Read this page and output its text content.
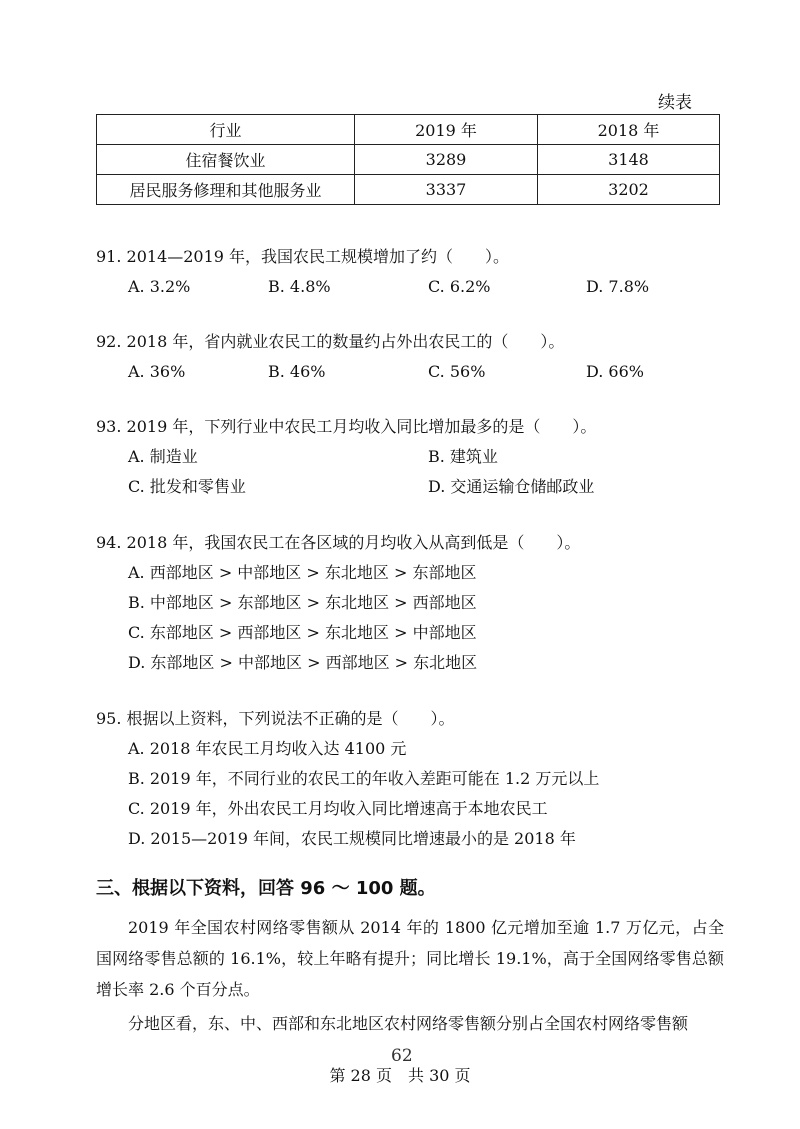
续表
行业	2019 年	2018 年
住宿餐饮业	3289	3148
居民服务修理和其他服务业	3337	3202
91. 2014—2019 年，我国农民工规模增加了约（　　）。
A. 3.2%	B. 4.8%	C. 6.2%	D. 7.8%
92. 2018 年，省内就业农民工的数量约占外出农民工的（　　）。
A. 36%	B. 46%	C. 56%	D. 66%
93. 2019 年，下列行业中农民工月均收入同比增加最多的是（　　）。
A. 制造业	B. 建筑业
C. 批发和零售业	D. 交通运输仓储邮政业
94. 2018 年，我国农民工在各区域的月均收入从高到低是（　　）。
A. 西部地区 > 中部地区 > 东北地区 > 东部地区
B. 中部地区 > 东部地区 > 东北地区 > 西部地区
C. 东部地区 > 西部地区 > 东北地区 > 中部地区
D. 东部地区 > 中部地区 > 西部地区 > 东北地区
95. 根据以上资料，下列说法不正确的是（　　）。
A. 2018 年农民工月均收入达 4100 元
B. 2019 年，不同行业的农民工的年收入差距可能在 1.2 万元以上
C. 2019 年，外出农民工月均收入同比增速高于本地农民工
D. 2015—2019 年间，农民工规模同比增速最小的是 2018 年
三、根据以下资料，回答 96 ～ 100 题。
2019 年全国农村网络零售额从 2014 年的 1800 亿元增加至逾 1.7 万亿元，占全国网络零售总额的 16.1%，较上年略有提升；同比增长 19.1%，高于全国网络零售总额增长率 2.6 个百分点。
分地区看，东、中、西部和东北地区农村网络零售额分别占全国农村网络零售额
62
第 28 页　共 30 页
